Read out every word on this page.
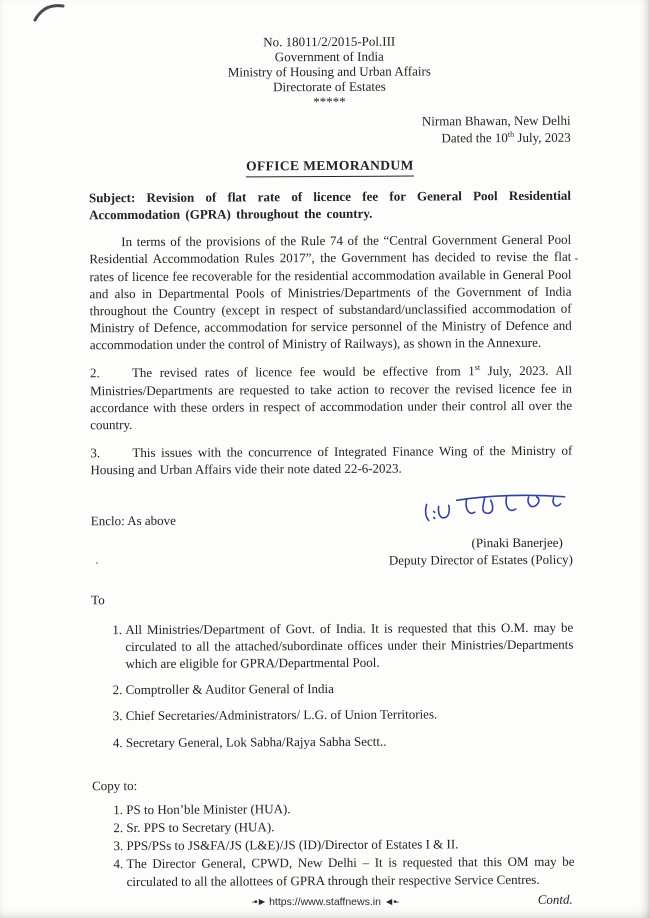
No. 18011/2/2015-Pol.III
Government of India
Ministry of Housing and Urban Affairs
Directorate of Estates
*****
Nirman Bhawan, New Delhi
Dated the 10th July, 2023
OFFICE MEMORANDUM

Subject: Revision of flat rate of licence fee for General Pool Residential Accommodation (GPRA) throughout the country.

In terms of the provisions of the Rule 74 of the “Central Government General Pool Residential Accommodation Rules 2017”, the Government has decided to revise the flat rates of licence fee recoverable for the residential accommodation available in General Pool and also in Departmental Pools of Ministries/Departments of the Government of India throughout the Country (except in respect of substandard/unclassified accommodation of Ministry of Defence, accommodation for service personnel of the Ministry of Defence and accommodation under the control of Ministry of Railways), as shown in the Annexure.

2. The revised rates of licence fee would be effective from 1st July, 2023. All Ministries/Departments are requested to take action to recover the revised licence fee in accordance with these orders in respect of accommodation under their control all over the country.

3. This issues with the concurrence of Integrated Finance Wing of the Ministry of Housing and Urban Affairs vide their note dated 22-6-2023.

Enclo: As above
(Pinaki Banerjee)
Deputy Director of Estates (Policy)
To
1. All Ministries/Department of Govt. of India. It is requested that this O.M. may be circulated to all the attached/subordinate offices under their Ministries/Departments which are eligible for GPRA/Departmental Pool.
2. Comptroller & Auditor General of India
3. Chief Secretaries/Administrators/ L.G. of Union Territories.
4. Secretary General, Lok Sabha/Rajya Sabha Sectt..
Copy to:
1. PS to Hon’ble Minister (HUA).
2. Sr. PPS to Secretary (HUA).
3. PPS/PSs to JS&FA/JS (L&E)/JS (ID)/Director of Estates I & II.
4. The Director General, CPWD, New Delhi – It is requested that this OM may be circulated to all the allottees of GPRA through their respective Service Centres.
Contd.
-•► https://www.staffnews.in ◄•-
